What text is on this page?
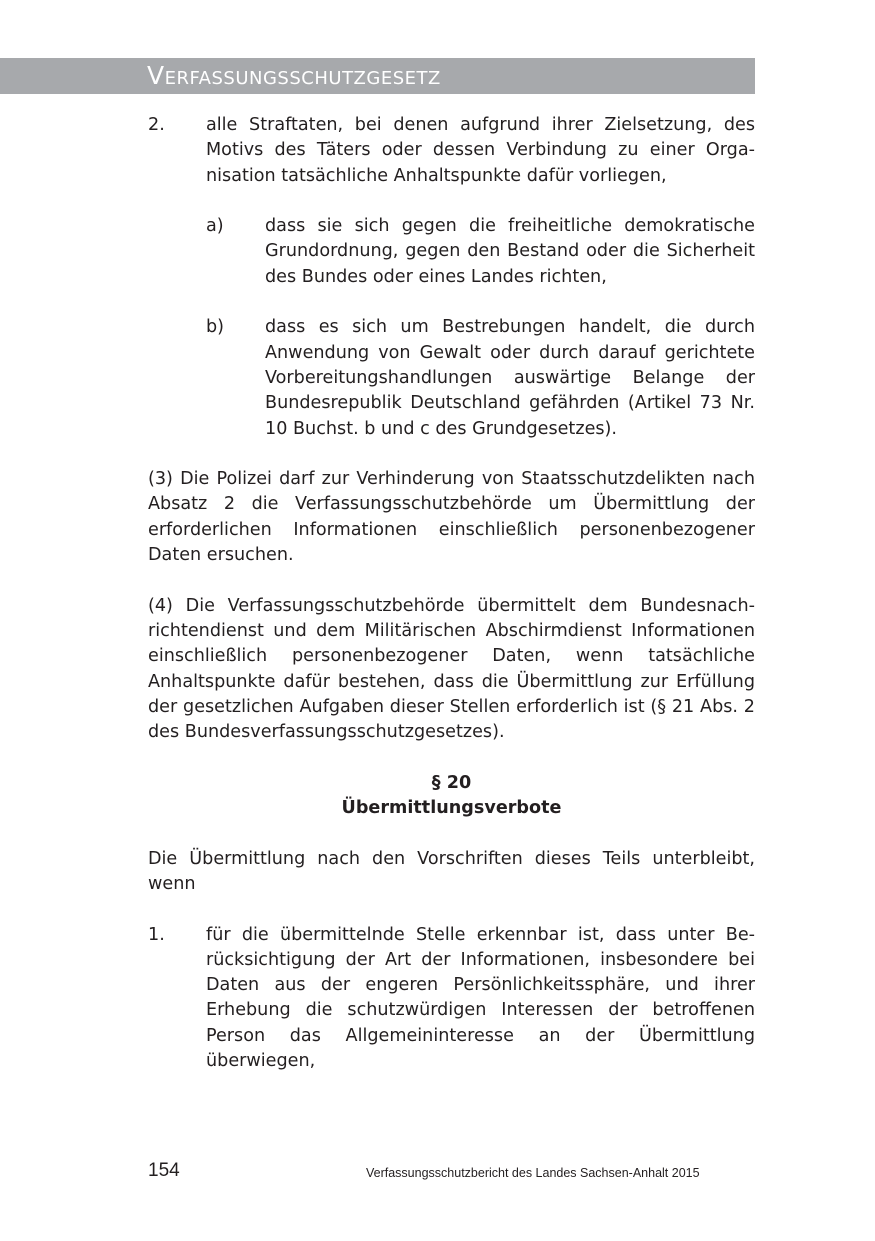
Verfassungsschutzgesetz
2. alle Straftaten, bei denen aufgrund ihrer Zielsetzung, des Motivs des Täters oder dessen Verbindung zu einer Organisation tatsächliche Anhaltspunkte dafür vorliegen,
a) dass sie sich gegen die freiheitliche demokratische Grundordnung, gegen den Bestand oder die Sicherheit des Bundes oder eines Landes richten,
b) dass es sich um Bestrebungen handelt, die durch Anwendung von Gewalt oder durch darauf gerichtete Vorbereitungshandlungen auswärtige Belange der Bundesrepublik Deutschland gefährden (Artikel 73 Nr. 10 Buchst. b und c des Grundgesetzes).
(3) Die Polizei darf zur Verhinderung von Staatsschutzdelikten nach Absatz 2 die Verfassungsschutzbehörde um Übermittlung der erforderlichen Informationen einschließlich personenbezogener Daten ersuchen.
(4) Die Verfassungsschutzbehörde übermittelt dem Bundesnachrichtendienst und dem Militärischen Abschirmdienst Informationen einschließlich personenbezogener Daten, wenn tatsächliche Anhaltspunkte dafür bestehen, dass die Übermittlung zur Erfüllung der gesetzlichen Aufgaben dieser Stellen erforderlich ist (§ 21 Abs. 2 des Bundesverfassungsschutzgesetzes).
§ 20
Übermittlungsverbote
Die Übermittlung nach den Vorschriften dieses Teils unterbleibt, wenn
1. für die übermittelnde Stelle erkennbar ist, dass unter Berücksichtigung der Art der Informationen, insbesondere bei Daten aus der engeren Persönlichkeitssphäre, und ihrer Erhebung die schutzwürdigen Interessen der betroffenen Person das Allgemeininteresse an der Übermittlung überwiegen,
154	Verfassungsschutzbericht des Landes Sachsen-Anhalt 2015
